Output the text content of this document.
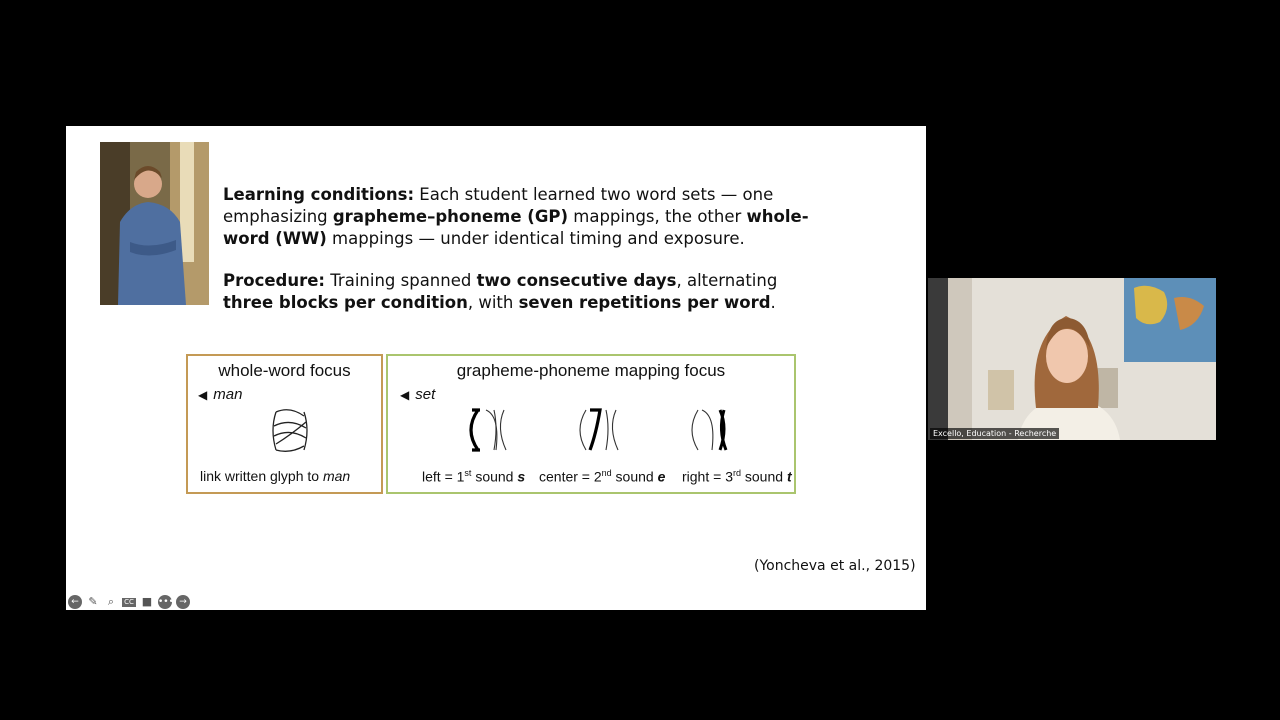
Learning conditions: Each student learned two word sets — one emphasizing grapheme–phoneme (GP) mappings, the other whole-word (WW) mappings — under identical timing and exposure.

Procedure: Training spanned two consecutive days, alternating three blocks per condition, with seven repetitions per word.

whole-word focus
◀ man
link written glyph to man
grapheme-phoneme mapping focus
◀ set
left = 1st sound s center = 2nd sound e right = 3rd sound t
(Yoncheva et al., 2015)
← ✎ ⌕	CC ■ ••• →
Excello, Education - Recherche
